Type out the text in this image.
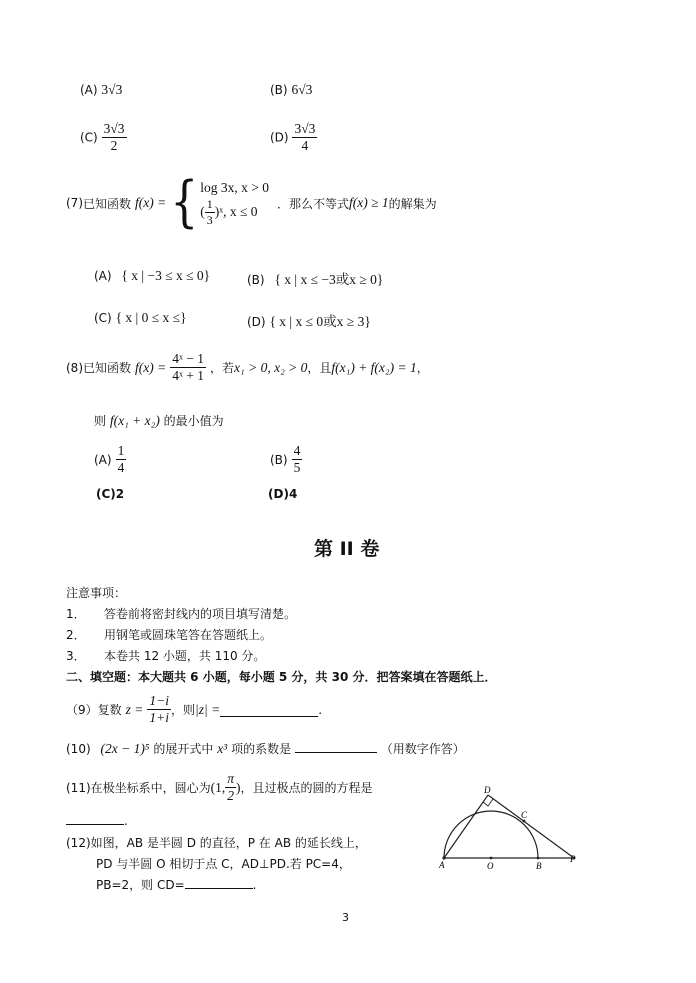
(A) 3√3	(B) 6√3
$(C) \frac{3√3}{2}$	$(D) \frac{3√3}{4}$
(7) 已知函数 f(x) = { log 3x, x > 0
( $\frac{1}{3}$ )ˣ, x ≤ 0
．那么不等式 f(x) ≥ 1 的解集为
(A) { x | −3 ≤ x ≤ 0}	(B) { x | x ≤ −3或x ≥ 0}
(C) { x | 0 ≤ x ≤}	(D) { x | x ≤ 0或x ≥ 3}
(8) 已知函数 $f(x) = \frac{\text{4ˣ − 1}}{\text{4ˣ + 1}}$ ，若 x₁ > 0, x₂ > 0 ，且 f(x₁) + f(x₂) = 1 ，
则 f(x₁ + x₂) 的最小值为
$(A) \frac{1}{4}$	$(B) \frac{4}{5}$
(C)2	(D)4
第 II 卷
注意事项：
1． 答卷前将密封线内的项目填写清楚。
2． 用钢笔或圆珠笔答在答题纸上。
3． 本卷共 12 小题，共 110 分。
二、填空题：本大题共 6 小题，每小题 5 分，共 30 分．把答案填在答题纸上．
（9）复数 $z = \frac{1-i}{1+i}$ ，则 |z| =	.
(10) (2x − 1)⁵ 的展开式中 x³ 项的系数是	（用数字作答）
(11)在极坐标系中，圆心为 (1, $\frac{\pi}{2}$ ) ，且过极点的圆的方程是
.
(12)如图，AB 是半圆 D 的直径，P 在 AB 的延长线上，
PD 与半圆 O 相切于点 C，AD⊥PD.若 PC=4，
PB=2，则 CD=	.
A	O	B
P
C
D
3
